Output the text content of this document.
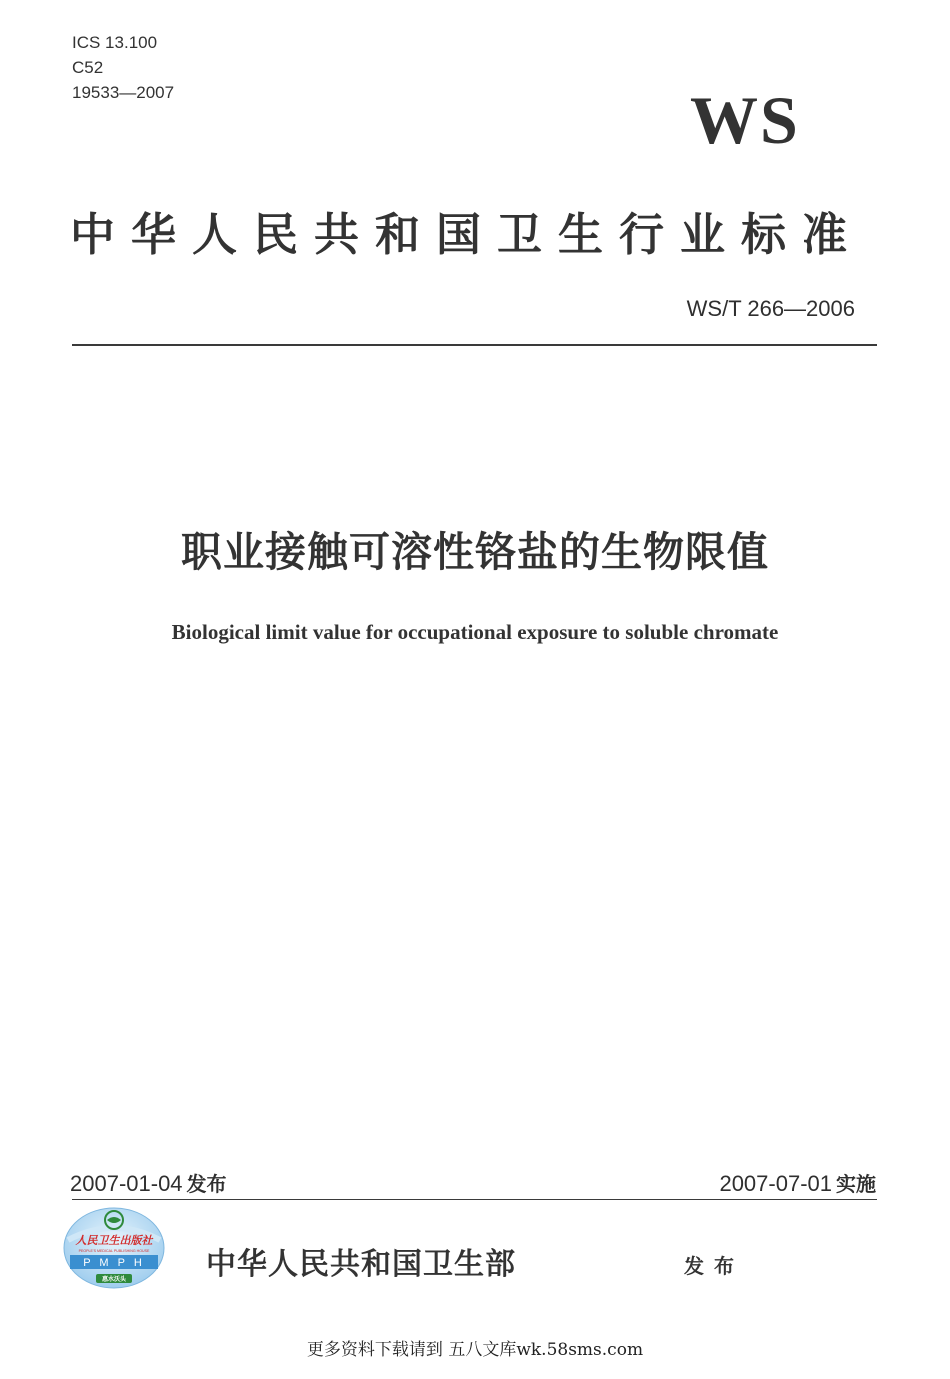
ICS 13.100
C52
19533—2007	WS
中华人民共和国卫生行业标准
WS/T 266—2006
职业接触可溶性铬盐的生物限值
Biological limit value for occupational exposure to soluble chromate
2007-01-04 发布	2007-07-01 实施
人民卫生出版社
PEOPLE'S MEDICAL PUBLISHING HOUSE
P M P H
惠水沃头	中华人民共和国卫生部	发布
更多资料下载请到 五八文库wk.58sms.com
